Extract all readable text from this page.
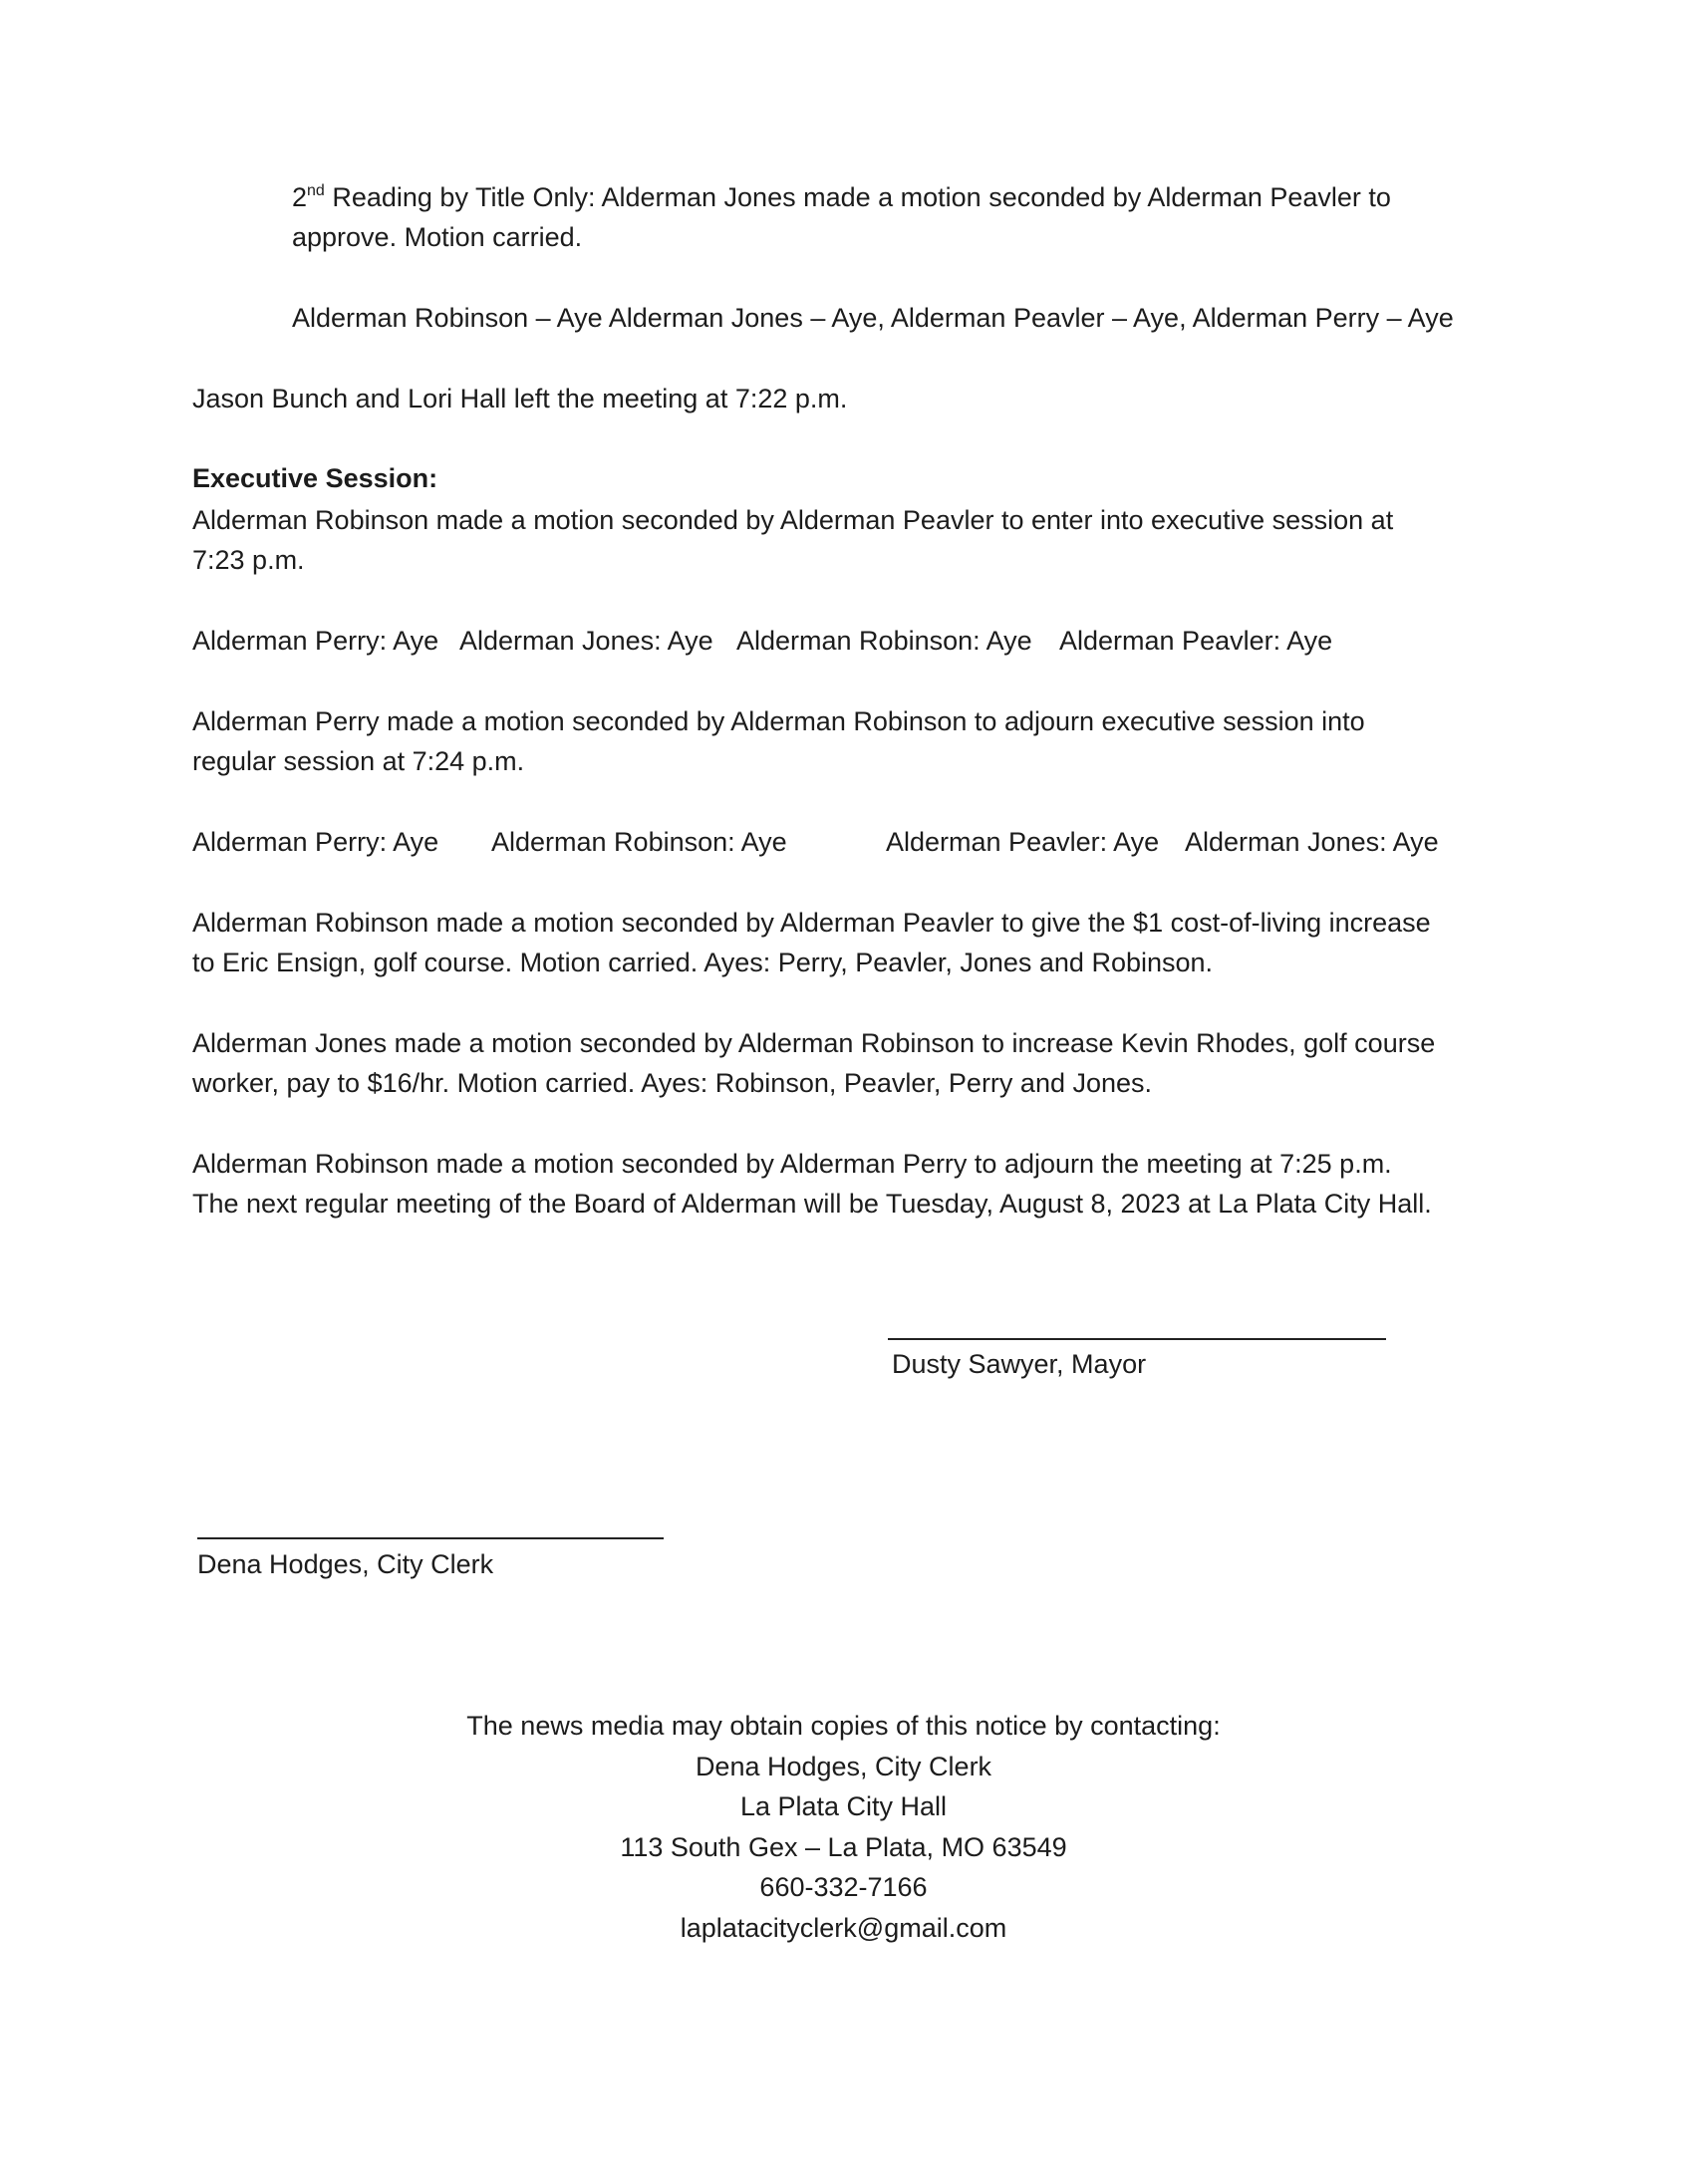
2nd Reading by Title Only: Alderman Jones made a motion seconded by Alderman Peavler to
approve. Motion carried.
Alderman Robinson – Aye Alderman Jones – Aye, Alderman Peavler – Aye, Alderman Perry – Aye
Jason Bunch and Lori Hall left the meeting at 7:22 p.m.
Executive Session:
Alderman Robinson made a motion seconded by Alderman Peavler to enter into executive session at
7:23 p.m.
Alderman Perry: Aye Alderman Jones: Aye Alderman Robinson: Aye Alderman Peavler: Aye
Alderman Perry made a motion seconded by Alderman Robinson to adjourn executive session into
regular session at 7:24 p.m.
Alderman Perry: Aye Alderman Robinson: Aye	Alderman Peavler: Aye Alderman Jones: Aye
Alderman Robinson made a motion seconded by Alderman Peavler to give the $1 cost-of-living increase
to Eric Ensign, golf course. Motion carried. Ayes: Perry, Peavler, Jones and Robinson.
Alderman Jones made a motion seconded by Alderman Robinson to increase Kevin Rhodes, golf course
worker, pay to $16/hr. Motion carried. Ayes: Robinson, Peavler, Perry and Jones.
Alderman Robinson made a motion seconded by Alderman Perry to adjourn the meeting at 7:25 p.m.
The next regular meeting of the Board of Alderman will be Tuesday, August 8, 2023 at La Plata City Hall.
Dusty Sawyer, Mayor
Dena Hodges, City Clerk
The news media may obtain copies of this notice by contacting:
Dena Hodges, City Clerk
La Plata City Hall
113 South Gex – La Plata, MO 63549
660-332-7166
laplatacityclerk@gmail.com
